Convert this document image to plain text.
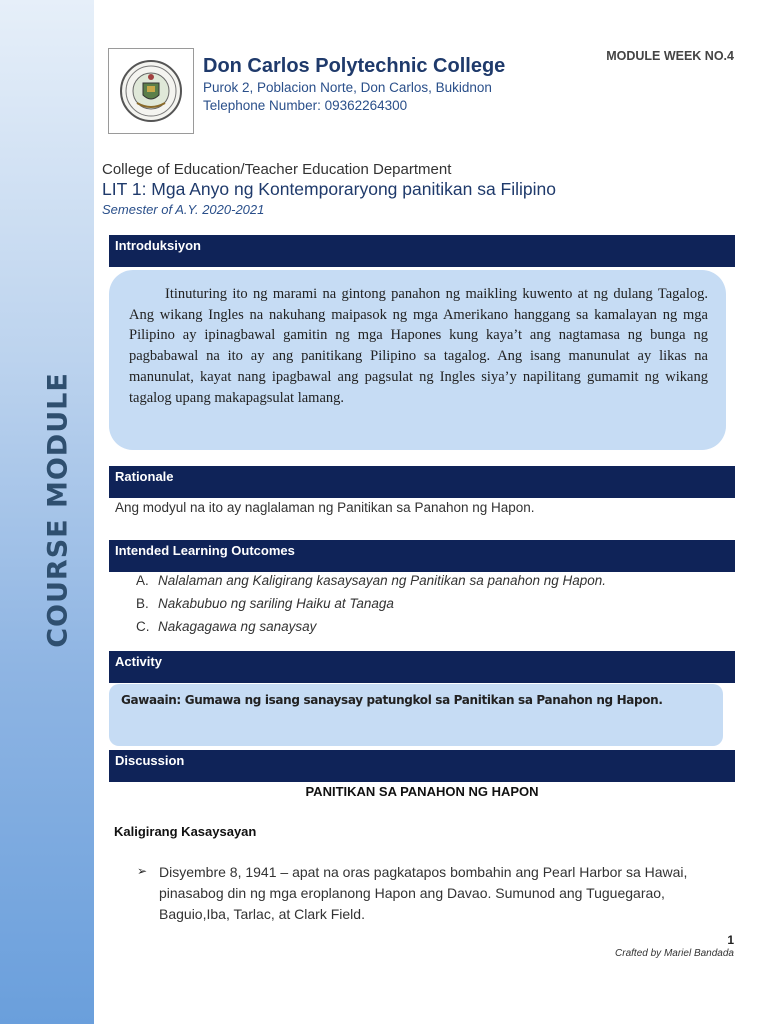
COURSE MODULE
Don Carlos Polytechnic College
Purok 2, Poblacion Norte, Don Carlos, Bukidnon
Telephone Number: 09362264300
MODULE WEEK NO.4
College of Education/Teacher Education Department
LIT 1: Mga Anyo ng Kontemporaryong panitikan sa Filipino
Semester of A.Y. 2020-2021
Introduksiyon

Itinuturing ito ng marami na gintong panahon ng maikling kuwento at ng dulang Tagalog. Ang wikang Ingles na nakuhang maipasok ng mga Amerikano hanggang sa kamalayan ng mga Pilipino ay ipinagbawal gamitin ng mga Hapones kung kaya’t ang nagtamasa ng bunga ng pagbabawal na ito ay ang panitikang Pilipino sa tagalog. Ang isang manunulat ay likas na manunulat, kayat nang ipagbawal ang pagsulat ng Ingles siya’y napilitang gumamit ng wikang tagalog upang makapagsulat lamang.

Rationale
Ang modyul na ito ay naglalaman ng Panitikan sa Panahon ng Hapon.
Intended Learning Outcomes
A. Nalalaman ang Kaligirang kasaysayan ng Panitikan sa panahon ng Hapon.
B. Nakabubuo ng sariling Haiku at Tanaga
C. Nakagagawa ng sanaysay
Activity
Gawaain: Gumawa ng isang sanaysay patungkol sa Panitikan sa Panahon ng Hapon.
Discussion
PANITIKAN SA PANAHON NG HAPON
Kaligirang Kasaysayan
➢ Disyembre 8, 1941 – apat na oras pagkatapos bombahin ang Pearl Harbor sa Hawai, pinasabog din ng mga eroplanong Hapon ang Davao. Sumunod ang Tuguegarao, Baguio,Iba, Tarlac, at Clark Field.
1
Crafted by Mariel Bandada
